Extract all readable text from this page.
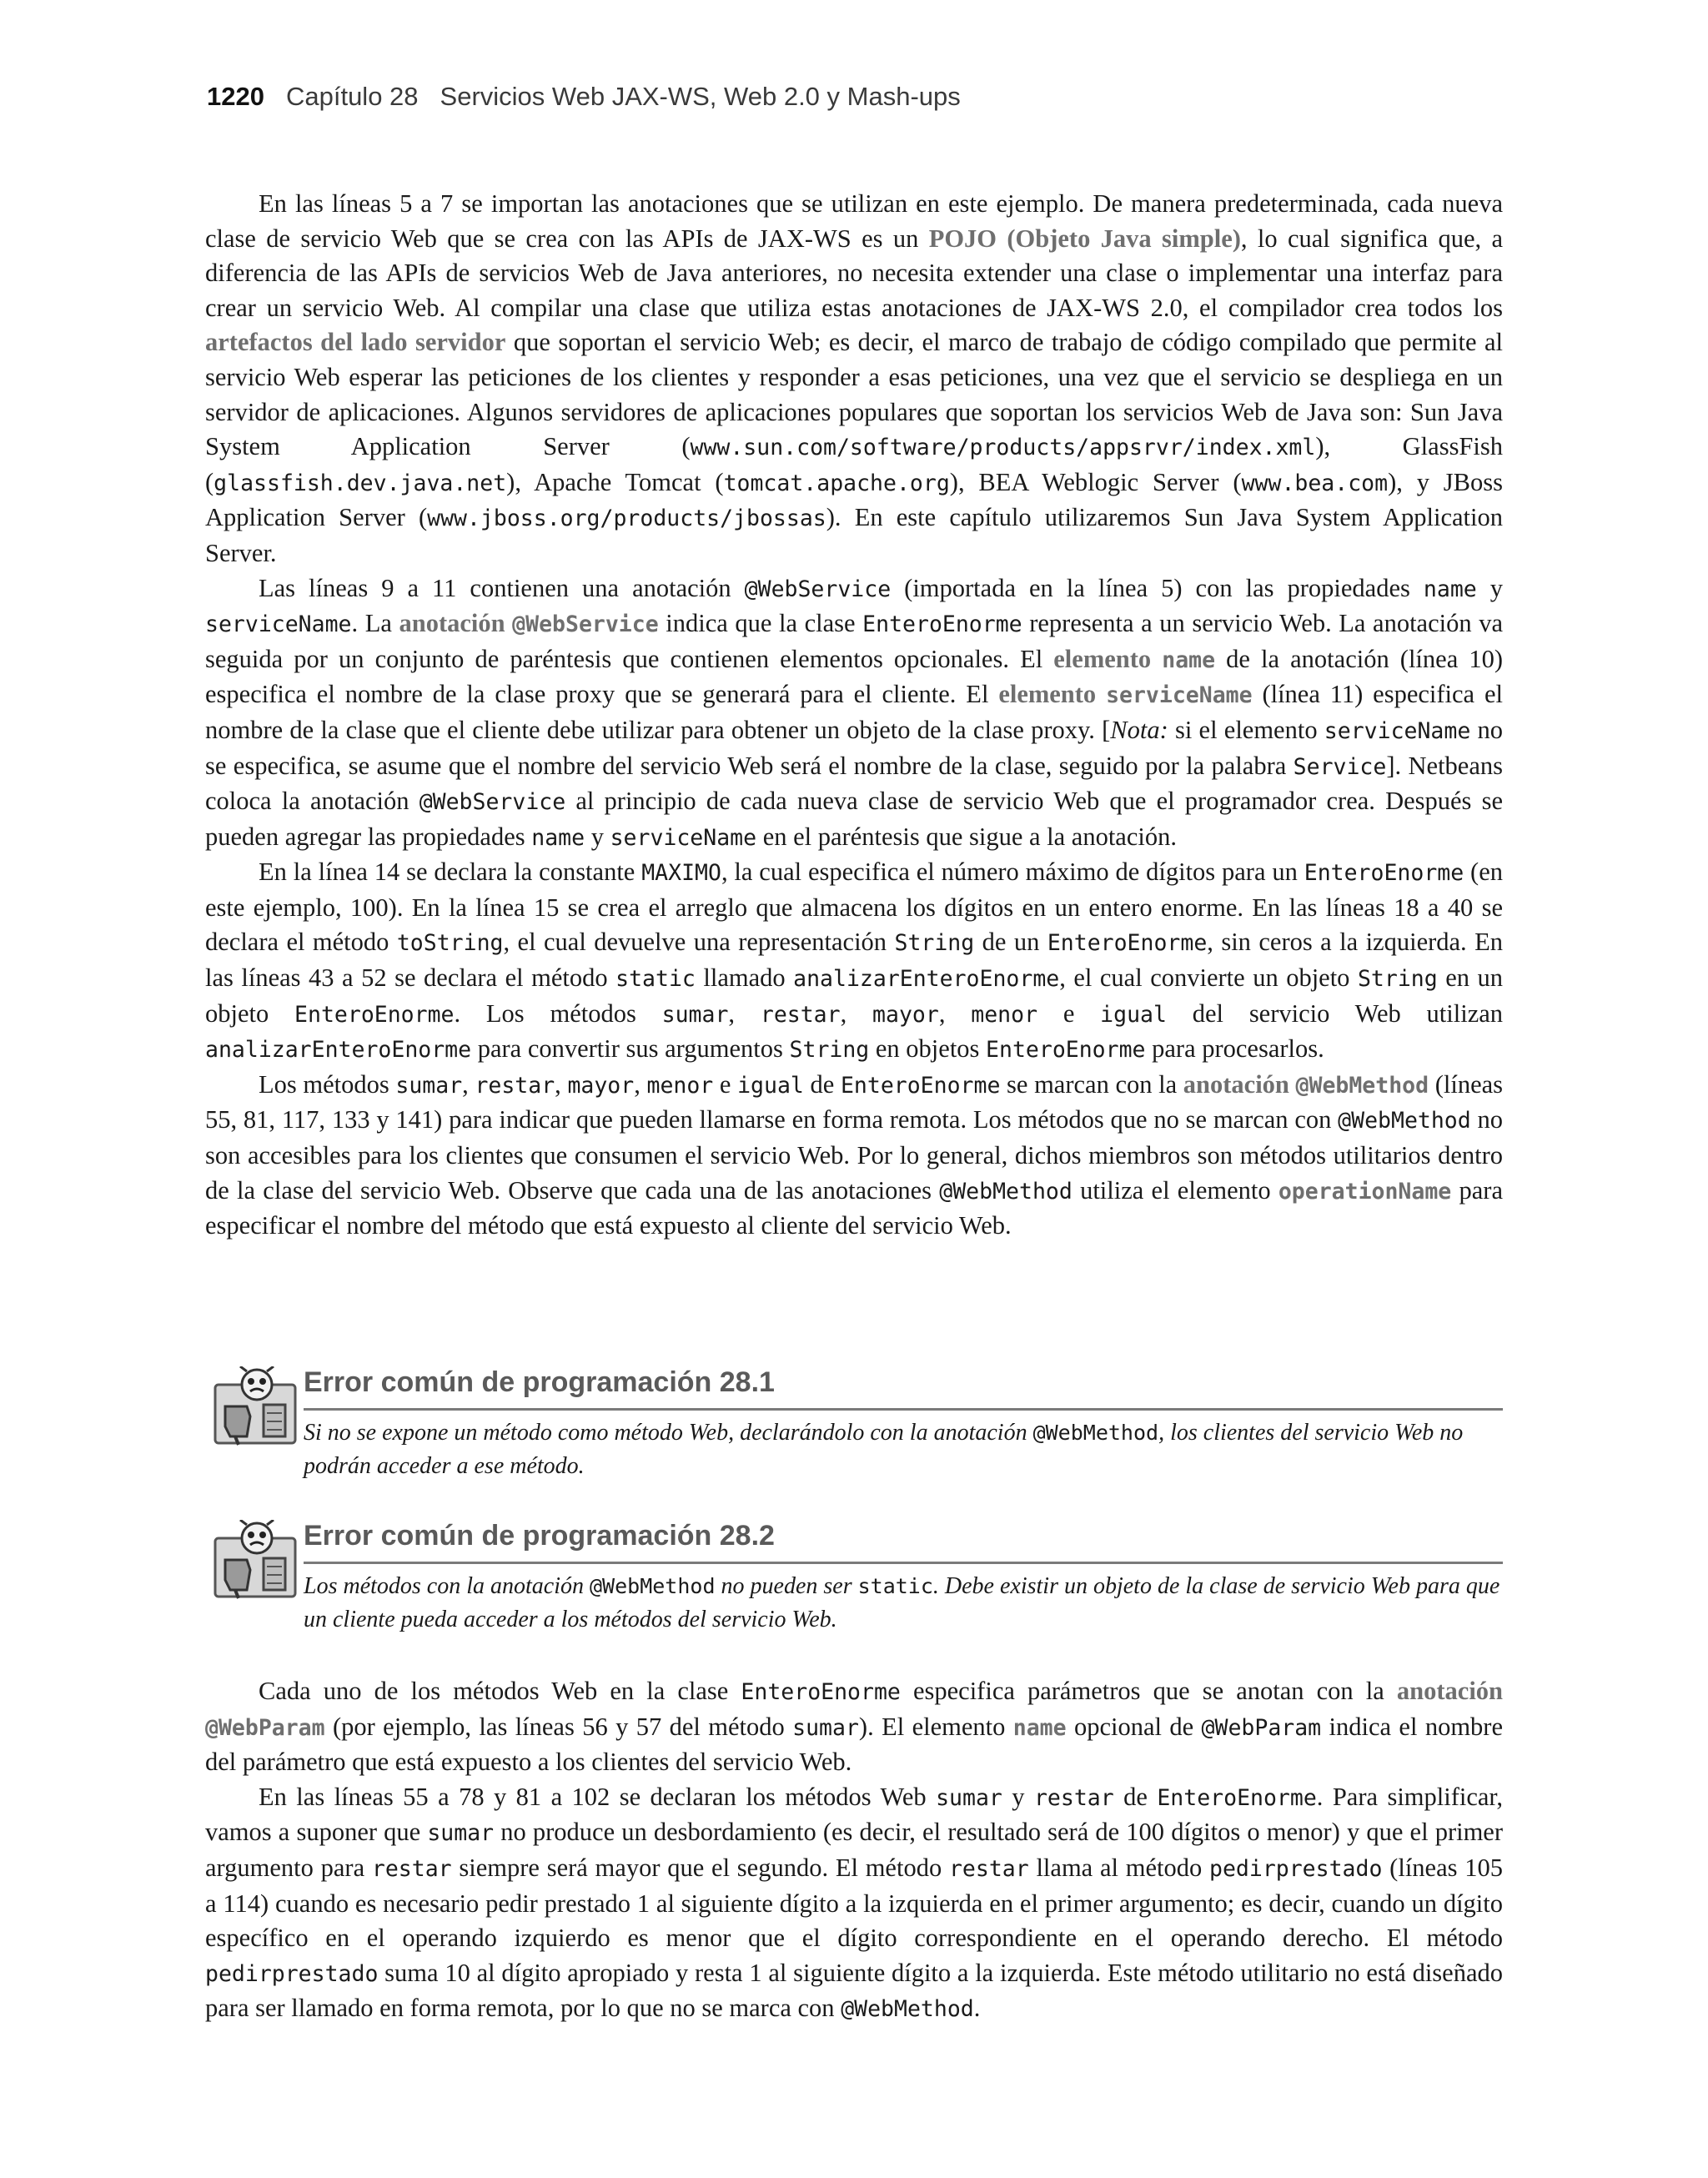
1220 Capítulo 28 Servicios Web JAX-WS, Web 2.0 y Mash-ups

En las líneas 5 a 7 se importan las anotaciones que se utilizan en este ejemplo. De manera predeterminada, cada nueva clase de servicio Web que se crea con las APIs de JAX-WS es un POJO (Objeto Java simple), lo cual significa que, a diferencia de las APIs de servicios Web de Java anteriores, no necesita extender una clase o implementar una interfaz para crear un servicio Web. Al compilar una clase que utiliza estas anotaciones de JAX-WS 2.0, el compilador crea todos los artefactos del lado servidor que soportan el servicio Web; es decir, el marco de trabajo de código compilado que permite al servicio Web esperar las peticiones de los clientes y responder a esas peticiones, una vez que el servicio se despliega en un servidor de aplicaciones. Algunos servidores de aplicaciones populares que soportan los servicios Web de Java son: Sun Java System Application Server (www.sun.com/software/products/appsrvr/index.xml), GlassFish (glassfish.dev.java.net), Apache Tomcat (tomcat.apache.org), BEA Weblogic Server (www.bea.com), y JBoss Application Server (www.jboss.org/products/jbossas). En este capítulo utilizaremos Sun Java System Application Server.

Las líneas 9 a 11 contienen una anotación @WebService (importada en la línea 5) con las propiedades name y serviceName. La anotación @WebService indica que la clase EnteroEnorme representa a un servicio Web. La anotación va seguida por un conjunto de paréntesis que contienen elementos opcionales. El elemento name de la anotación (línea 10) especifica el nombre de la clase proxy que se generará para el cliente. El elemento serviceName (línea 11) especifica el nombre de la clase que el cliente debe utilizar para obtener un objeto de la clase proxy. [Nota: si el elemento serviceName no se especifica, se asume que el nombre del servicio Web será el nombre de la clase, seguido por la palabra Service]. Netbeans coloca la anotación @WebService al principio de cada nueva clase de servicio Web que el programador crea. Después se pueden agregar las propiedades name y serviceName en el paréntesis que sigue a la anotación.

En la línea 14 se declara la constante MAXIMO, la cual especifica el número máximo de dígitos para un EnteroEnorme (en este ejemplo, 100). En la línea 15 se crea el arreglo que almacena los dígitos en un entero enorme. En las líneas 18 a 40 se declara el método toString, el cual devuelve una representación String de un EnteroEnorme, sin ceros a la izquierda. En las líneas 43 a 52 se declara el método static llamado analizarEnteroEnorme, el cual convierte un objeto String en un objeto EnteroEnorme. Los métodos sumar, restar, mayor, menor e igual del servicio Web utilizan analizarEnteroEnorme para convertir sus argumentos String en objetos EnteroEnorme para procesarlos.

Los métodos sumar, restar, mayor, menor e igual de EnteroEnorme se marcan con la anotación @WebMethod (líneas 55, 81, 117, 133 y 141) para indicar que pueden llamarse en forma remota. Los métodos que no se marcan con @WebMethod no son accesibles para los clientes que consumen el servicio Web. Por lo general, dichos miembros son métodos utilitarios dentro de la clase del servicio Web. Observe que cada una de las anotaciones @WebMethod utiliza el elemento operationName para especificar el nombre del método que está expuesto al cliente del servicio Web.

Error común de programación 28.1
Si no se expone un método como método Web, declarándolo con la anotación @WebMethod, los clientes del servicio Web no podrán acceder a ese método.
Error común de programación 28.2
Los métodos con la anotación @WebMethod no pueden ser static. Debe existir un objeto de la clase de servicio Web para que un cliente pueda acceder a los métodos del servicio Web.

Cada uno de los métodos Web en la clase EnteroEnorme especifica parámetros que se anotan con la anotación @WebParam (por ejemplo, las líneas 56 y 57 del método sumar). El elemento name opcional de @WebParam indica el nombre del parámetro que está expuesto a los clientes del servicio Web.

En las líneas 55 a 78 y 81 a 102 se declaran los métodos Web sumar y restar de EnteroEnorme. Para simplificar, vamos a suponer que sumar no produce un desbordamiento (es decir, el resultado será de 100 dígitos o menor) y que el primer argumento para restar siempre será mayor que el segundo. El método restar llama al método pedirprestado (líneas 105 a 114) cuando es necesario pedir prestado 1 al siguiente dígito a la izquierda en el primer argumento; es decir, cuando un dígito específico en el operando izquierdo es menor que el dígito correspondiente en el operando derecho. El método pedirprestado suma 10 al dígito apropiado y resta 1 al siguiente dígito a la izquierda. Este método utilitario no está diseñado para ser llamado en forma remota, por lo que no se marca con @WebMethod.
